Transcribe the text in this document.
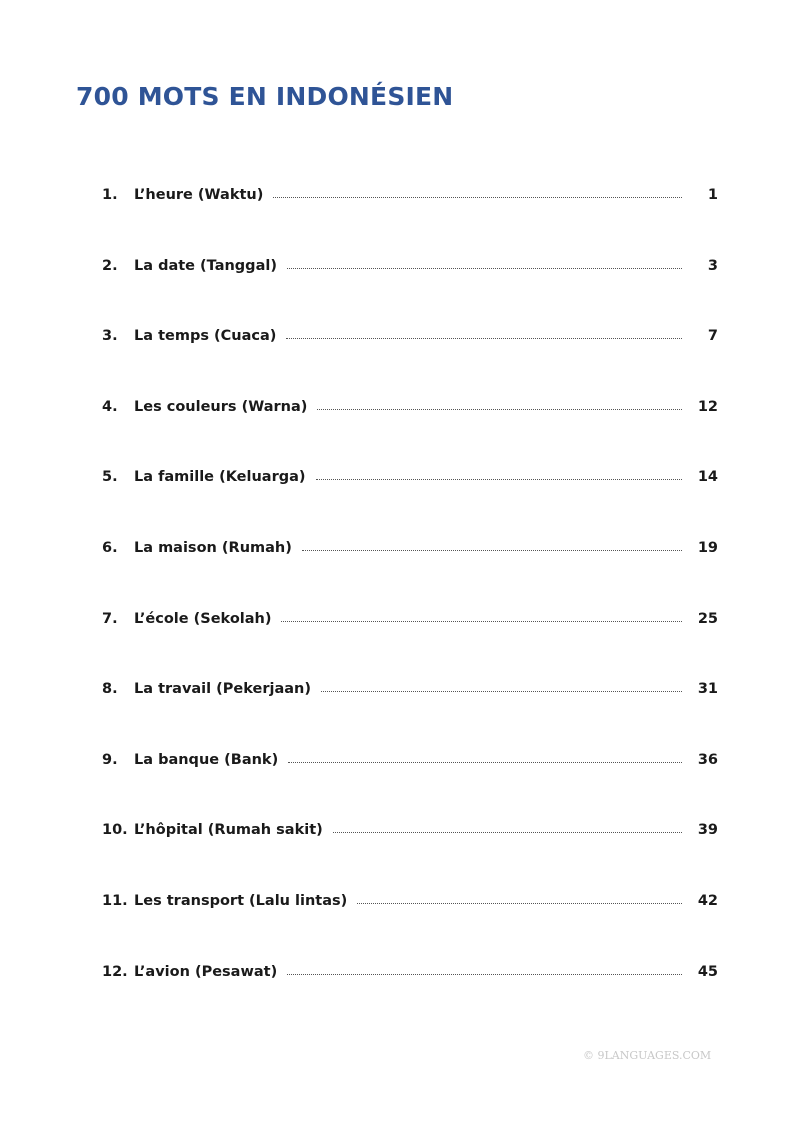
700 MOTS EN INDONÉSIEN
1.	L’heure (Waktu)	1
2.	La date (Tanggal)	3
3.	La temps (Cuaca)	7
4.	Les couleurs (Warna)	12
5.	La famille (Keluarga)	14
6.	La maison (Rumah)	19
7.	L’école (Sekolah)	25
8.	La travail (Pekerjaan)	31
9.	La banque (Bank)	36
10. L’hôpital (Rumah sakit)	39
11. Les transport (Lalu lintas)	42
12. L’avion (Pesawat)	45
© 9LANGUAGES.COM
